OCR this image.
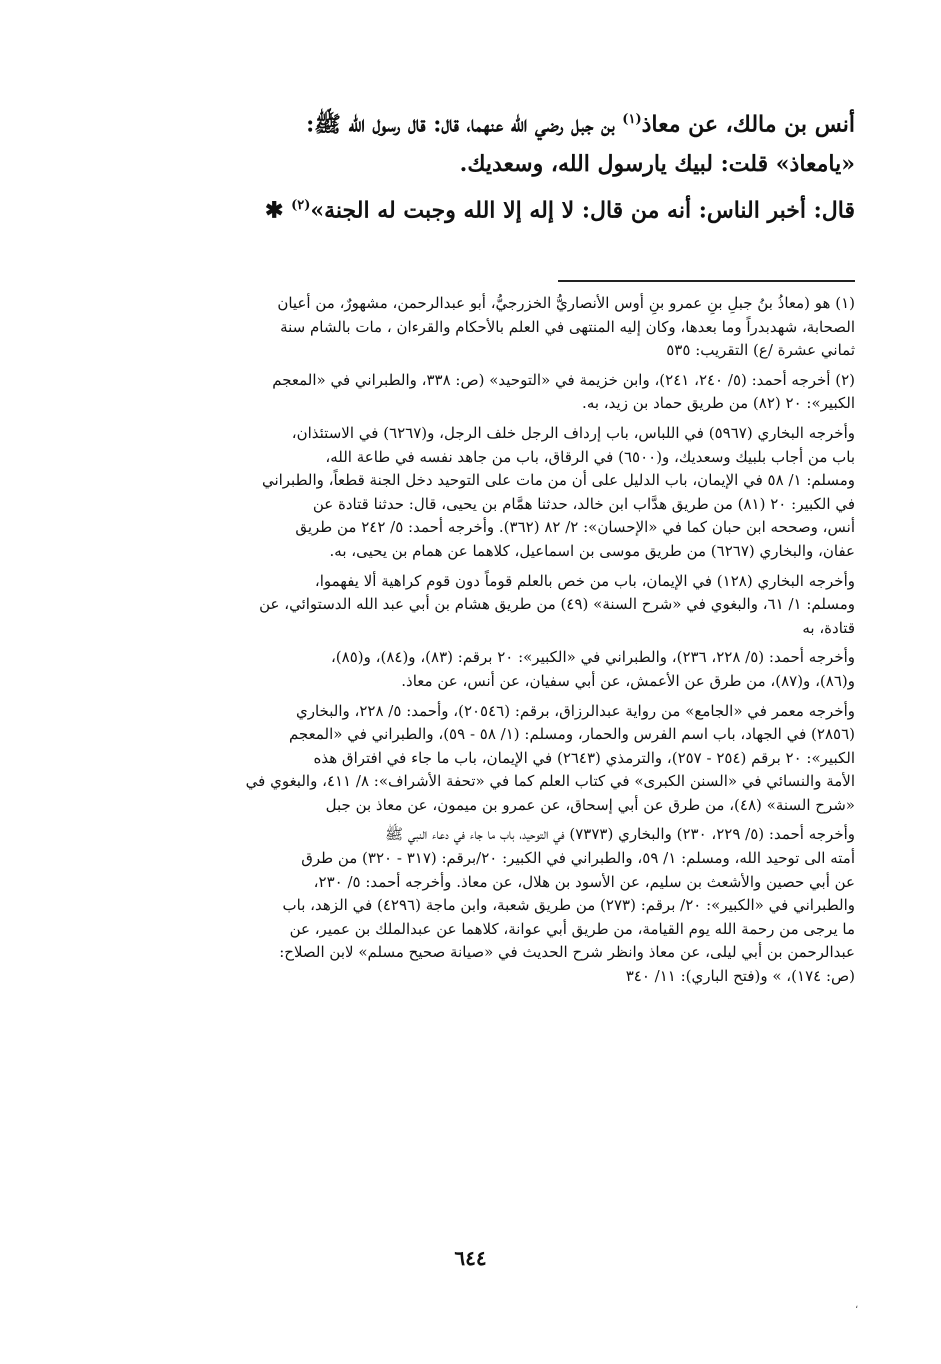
أنس بن مالك، عن معاذ$^{(١)}$ بن جبل رضي الله عنهما، قال: قال رسول الله ﷺ:
«يامعاذ» قلت: لبيك يارسول الله، وسعديك.
قال: أخبر الناس: أنه من قال: لا إله إلا الله وجبت له الجنة»$^{(٢)}$ ✱

(١) هو (معاذُ بنُ جبلِ بنِ عمرو بنِ أوس الأنصاريُّ الخزرجيُّ، أبو عبدالرحمن، مشهورٌ، من أعيان
الصحابة، شهدبدراً وما بعدها، وكان إليه المنتهى في العلم بالأحكام والقرءان ، مات بالشام سنة
ثماني عشرة /ع) التقريب: ٥٣٥

(٢) أخرجه أحمد: (٥/ ٢٤٠، ٢٤١)، وابن خزيمة في «التوحيد» (ص: ٣٣٨، والطبراني في «المعجم
الكبير»: ٢٠ (٨٢) من طريق حماد بن زيد، به.

وأخرجه البخاري (٥٩٦٧) في اللباس، باب إرداف الرجل خلف الرجل، و(٦٢٦٧) في الاستئذان،
باب من أجاب بلبيك وسعديك، و(٦٥٠٠) في الرقاق، باب من جاهد نفسه في طاعة الله،
ومسلم: ١/ ٥٨ في الإيمان، باب الدليل على أن من مات على التوحيد دخل الجنة قطعاً، والطبراني
في الكبير: ٢٠ (٨١) من طريق هدَّاب ابن خالد، حدثنا همَّام بن يحيى، قال: حدثنا قتادة عن
أنس، وصححه ابن حبان كما في «الإحسان»: ٢/ ٨٢ (٣٦٢). وأخرجه أحمد: ٥/ ٢٤٢ من طريق
عفان، والبخاري (٦٢٦٧) من طريق موسى بن اسماعيل، كلاهما عن همام بن يحيى، به.

وأخرجه البخاري (١٢٨) في الإيمان، باب من خص بالعلم قوماً دون قوم كراهية ألا يفهموا،
ومسلم: ١/ ٦١، والبغوي في «شرح السنة» (٤٩) من طريق هشام بن أبي عبد الله الدستوائي، عن
قتادة، به

وأخرجه أحمد: (٥/ ٢٢٨، ٢٣٦)، والطبراني في «الكبير»: ٢٠ برقم: (٨٣)، و(٨٤)، و(٨٥)،
و(٨٦)، و(٨٧)، من طرق عن الأعمش، عن أبي سفيان، عن أنس، عن معاذ.

وأخرجه معمر في «الجامع» من رواية عبدالرزاق، برقم: (٢٠٥٤٦)، وأحمد: ٥/ ٢٢٨، والبخاري
(٢٨٥٦) في الجهاد، باب اسم الفرس والحمار، ومسلم: (١/ ٥٨ - ٥٩)، والطبراني في «المعجم
الكبير»: ٢٠ برقم (٢٥٤ - ٢٥٧)، والترمذي (٢٦٤٣) في الإيمان، باب ما جاء في افتراق هذه
الأمة والنسائي في «السنن الكبرى» في كتاب العلم كما في «تحفة الأشراف»: ٨/ ٤١١، والبغوي في
«شرح السنة» (٤٨)، من طرق عن أبي إسحاق، عن عمرو بن ميمون، عن معاذ بن جبل

وأخرجه أحمد: (٥/ ٢٢٩، ٢٣٠) والبخاري (٧٣٧٣) في التوحيد، باب ما جاء في دعاء النبي ﷺ
أمته الى توحيد الله، ومسلم: ١/ ٥٩، والطبراني في الكبير: ٢٠/برقم: (٣١٧ - ٣٢٠) من طرق
عن أبي حصين والأشعث بن سليم، عن الأسود بن هلال، عن معاذ. وأخرجه أحمد: ٥/ ٢٣٠،
والطبراني في «الكبير»: ٢٠/ برقم: (٢٧٣) من طريق شعبة، وابن ماجة (٤٢٩٦) في الزهد، باب
ما يرجى من رحمة الله يوم القيامة، من طريق أبي عوانة، كلاهما عن عبدالملك بن عمير، عن
عبدالرحمن بن أبي ليلى، عن معاذ وانظر شرح الحديث في «صيانة صحيح مسلم» لابن الصلاح:
(ص: ١٧٤)، » و(فتح الباري): ١١/ ٣٤٠

٦٤٤
،
